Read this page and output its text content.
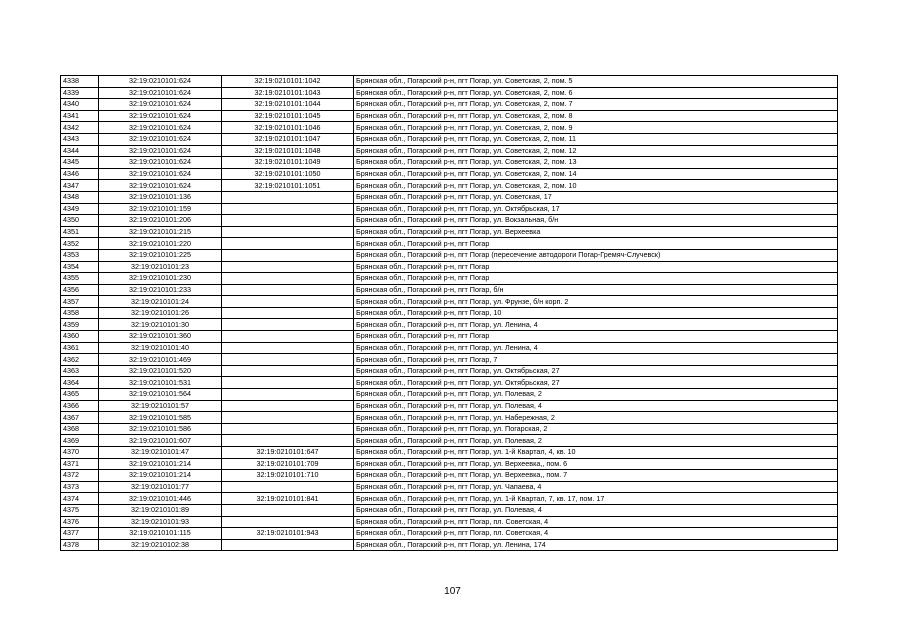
4338	32:19:0210101:624	32:19:0210101:1042	Брянская обл., Погарский р-н, пгт Погар, ул. Советская, 2, пом. 5
4339	32:19:0210101:624	32:19:0210101:1043	Брянская обл., Погарский р-н, пгт Погар, ул. Советская, 2, пом. 6
4340	32:19:0210101:624	32:19:0210101:1044	Брянская обл., Погарский р-н, пгт Погар, ул. Советская, 2, пом. 7
4341	32:19:0210101:624	32:19:0210101:1045	Брянская обл., Погарский р-н, пгт Погар, ул. Советская, 2, пом. 8
4342	32:19:0210101:624	32:19:0210101:1046	Брянская обл., Погарский р-н, пгт Погар, ул. Советская, 2, пом. 9
4343	32:19:0210101:624	32:19:0210101:1047	Брянская обл., Погарский р-н, пгт Погар, ул. Советская, 2, пом. 11
4344	32:19:0210101:624	32:19:0210101:1048	Брянская обл., Погарский р-н, пгт Погар, ул. Советская, 2, пом. 12
4345	32:19:0210101:624	32:19:0210101:1049	Брянская обл., Погарский р-н, пгт Погар, ул. Советская, 2, пом. 13
4346	32:19:0210101:624	32:19:0210101:1050	Брянская обл., Погарский р-н, пгт Погар, ул. Советская, 2, пом. 14
4347	32:19:0210101:624	32:19:0210101:1051	Брянская обл., Погарский р-н, пгт Погар, ул. Советская, 2, пом. 10
4348	32:19:0210101:136		Брянская обл., Погарский р-н, пгт Погар, ул. Советская, 17
4349	32:19:0210101:159		Брянская обл., Погарский р-н, пгт Погар, ул. Октябрьская, 17
4350	32:19:0210101:206		Брянская обл., Погарский р-н, пгт Погар, ул. Вокзальная, б/н
4351	32:19:0210101:215		Брянская обл., Погарский р-н, пгт Погар, ул. Верхеевка
4352	32:19:0210101:220		Брянская обл., Погарский р-н, пгт Погар
4353	32:19:0210101:225		Брянская обл., Погарский р-н, пгт Погар (пересечение автодороги Погар-Гремяч-Случевск)
4354	32:19:0210101:23		Брянская обл., Погарский р-н, пгт Погар
4355	32:19:0210101:230		Брянская обл., Погарский р-н, пгт Погар
4356	32:19:0210101:233		Брянская обл., Погарский р-н, пгт Погар, б/н
4357	32:19:0210101:24		Брянская обл., Погарский р-н, пгт Погар, ул. Фрунзе, б/н корп. 2
4358	32:19:0210101:26		Брянская обл., Погарский р-н, пгт Погар, 10
4359	32:19:0210101:30		Брянская обл., Погарский р-н, пгт Погар, ул. Ленина, 4
4360	32:19:0210101:360		Брянская обл., Погарский р-н, пгт Погар
4361	32:19:0210101:40		Брянская обл., Погарский р-н, пгт Погар, ул. Ленина, 4
4362	32:19:0210101:469		Брянская обл., Погарский р-н, пгт Погар, 7
4363	32:19:0210101:520		Брянская обл., Погарский р-н, пгт Погар, ул. Октябрьская, 27
4364	32:19:0210101:531		Брянская обл., Погарский р-н, пгт Погар, ул. Октябрьская, 27
4365	32:19:0210101:564		Брянская обл., Погарский р-н, пгт Погар, ул. Полевая, 2
4366	32:19:0210101:57		Брянская обл., Погарский р-н, пгт Погар, ул. Полевая, 4
4367	32:19:0210101:585		Брянская обл., Погарский р-н, пгт Погар, ул. Набережная, 2
4368	32:19:0210101:586		Брянская обл., Погарский р-н, пгт Погар, ул. Погарская, 2
4369	32:19:0210101:607		Брянская обл., Погарский р-н, пгт Погар, ул. Полевая, 2
4370	32:19:0210101:47	32:19:0210101:647	Брянская обл., Погарский р-н, пгт Погар, ул. 1-й Квартал, 4, кв. 10
4371	32:19:0210101:214	32:19:0210101:709	Брянская обл., Погарский р-н, пгт Погар, ул. Верхеевка,, пом. 6
4372	32:19:0210101:214	32:19:0210101:710	Брянская обл., Погарский р-н, пгт Погар, ул. Верхеевка,, пом. 7
4373	32:19:0210101:77		Брянская обл., Погарский р-н, пгт Погар, ул. Чапаева, 4
4374	32:19:0210101:446	32:19:0210101:841	Брянская обл., Погарский р-н, пгт Погар, ул. 1-й Квартал, 7, кв. 17, пом. 17
4375	32:19:0210101:89		Брянская обл., Погарский р-н, пгт Погар, ул. Полевая, 4
4376	32:19:0210101:93		Брянская обл., Погарский р-н, пгт Погар, пл. Советская, 4
4377	32:19:0210101:115	32:19:0210101:943	Брянская обл., Погарский р-н, пгт Погар, пл. Советская, 4
4378	32:19:0210102:38		Брянская обл., Погарский р-н, пгт Погар, ул. Ленина, 174
107
